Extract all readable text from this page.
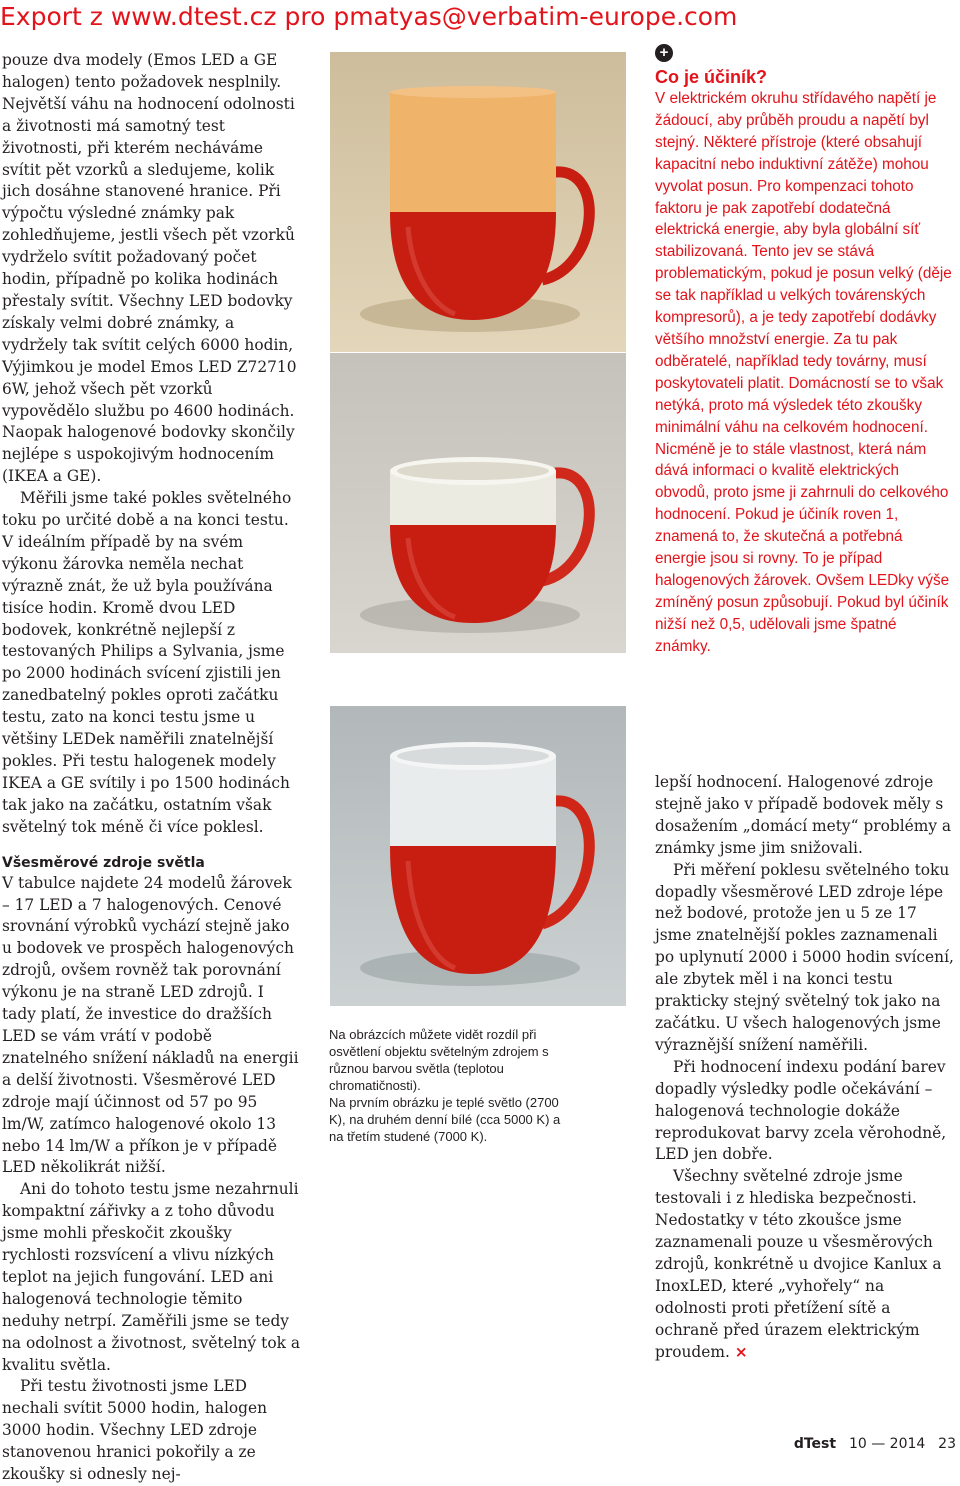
Export z www.dtest.cz pro pmatyas@verbatim-europe.com

pouze dva modely (Emos LED a GE halogen) tento požadovek nesplnily. Největší váhu na hodnocení odolnosti a životnosti má samotný test životnosti, při kterém necháváme svítit pět vzorků a sledujeme, kolik jich dosáhne stanovené hranice. Při výpočtu výsledné známky pak zohledňujeme, jestli všech pět vzorků vydrželo svítit požadovaný počet hodin, případně po kolika hodinách přestaly svítit. Všechny LED bodovky získaly velmi dobré známky, a vydržely tak svítit celých 6000 hodin, Výjimkou je model Emos LED Z72710 6W, jehož všech pět vzorků vypovědělo službu po 4600 hodinách. Naopak halogenové bodovky skončily nejlépe s uspokojivým hodnocením (IKEA a GE).

Měřili jsme také pokles světelného toku po určité době a na konci testu. V ideálním případě by na svém výkonu žárovka neměla nechat výrazně znát, že už byla používána tisíce hodin. Kromě dvou LED bodovek, konkrétně nejlepší z testovaných Philips a Sylvania, jsme po 2000 hodinách svícení zjistili jen zanedbatelný pokles oproti začátku testu, zato na konci testu jsme u většiny LEDek naměřili znatelnější pokles. Při testu halogenek modely IKEA a GE svítily i po 1500 hodinách tak jako na začátku, ostatním však světelný tok méně či více poklesl.

Všesměrové zdroje světla

V tabulce najdete 24 modelů žárovek – 17 LED a 7 halogenových. Cenové srovnání výrobků vychází stejně jako u bodovek ve prospěch halogenových zdrojů, ovšem rovněž tak porovnání výkonu je na straně LED zdrojů. I tady platí, že investice do dražších LED se vám vrátí v podobě znatelného snížení nákladů na energii a delší životnosti. Všesměrové LED zdroje mají účinnost od 57 po 95 lm/W, zatímco halogenové okolo 13 nebo 14 lm/W a příkon je v případě LED několikrát nižší.

Ani do tohoto testu jsme nezahrnuli kompaktní zářivky a z toho důvodu jsme mohli přeskočit zkoušky rychlosti rozsvícení a vlivu nízkých teplot na jejich fungování. LED ani halogenová technologie těmito neduhy netrpí. Zaměřili jsme se tedy na odolnost a životnost, světelný tok a kvalitu světla.

Při testu životnosti jsme LED nechali svítit 5000 hodin, halogen 3000 hodin. Všechny LED zdroje stanovenou hranici pokořily a ze zkoušky si odnesly nej-

Na obrázcích můžete vidět rozdíl při osvětlení objektu světelným zdrojem s různou barvou světla (teplotou chromatičnosti).

Na prvním obrázku je teplé světlo (2700 K), na druhém denní bílé (cca 5000 K) a na třetím studené (7000 K).

+
Co je účiník?

V elektrickém okruhu střídavého napětí je žádoucí, aby průběh proudu a napětí byl stejný. Některé přístroje (které obsahují kapacitní nebo induktivní zátěže) mohou vyvolat posun. Pro kompenzaci tohoto faktoru je pak zapotřebí dodatečná elektrická energie, aby byla globální síť stabilizovaná. Tento jev se stává problematickým, pokud je posun velký (děje se tak například u velkých továrenských kompresorů), a je tedy zapotřebí dodávky většího množství energie. Za tu pak odběratelé, například tedy továrny, musí poskytovateli platit. Domácností se to však netýká, proto má výsledek této zkoušky minimální váhu na celkovém hodnocení. Nicméně je to stále vlastnost, která nám dává informaci o kvalitě elektrických obvodů, proto jsme ji zahrnuli do celkového hodnocení. Pokud je účiník roven 1, znamená to, že skutečná a potřebná energie jsou si rovny. To je případ halogenových žárovek. Ovšem LEDky výše zmíněný posun způsobují. Pokud byl účiník nižší než 0,5, udělovali jsme špatné známky.

lepší hodnocení. Halogenové zdroje stejně jako v případě bodovek měly s dosažením „domácí mety“ problémy a známky jsme jim snižovali.

Při měření poklesu světelného toku dopadly všesměrové LED zdroje lépe než bodové, protože jen u 5 ze 17 jsme znatelnější pokles zaznamenali po uplynutí 2000 i 5000 hodin svícení, ale zbytek měl i na konci testu prakticky stejný světelný tok jako na začátku. U všech halogenových jsme výraznější snížení naměřili.

Při hodnocení indexu podání barev dopadly výsledky podle očekávání – halogenová technologie dokáže reprodukovat barvy zcela věrohodně, LED jen dobře.

Všechny světelné zdroje jsme testovali i z hlediska bezpečnosti. Nedostatky v této zkoušce jsme zaznamenali pouze u všesměrových zdrojů, konkrétně u dvojice Kanlux a InoxLED, které „vyhořely“ na odolnosti proti přetížení sítě a ochraně před úrazem elektrickým proudem. ×

dTest 10 — 2014 23
